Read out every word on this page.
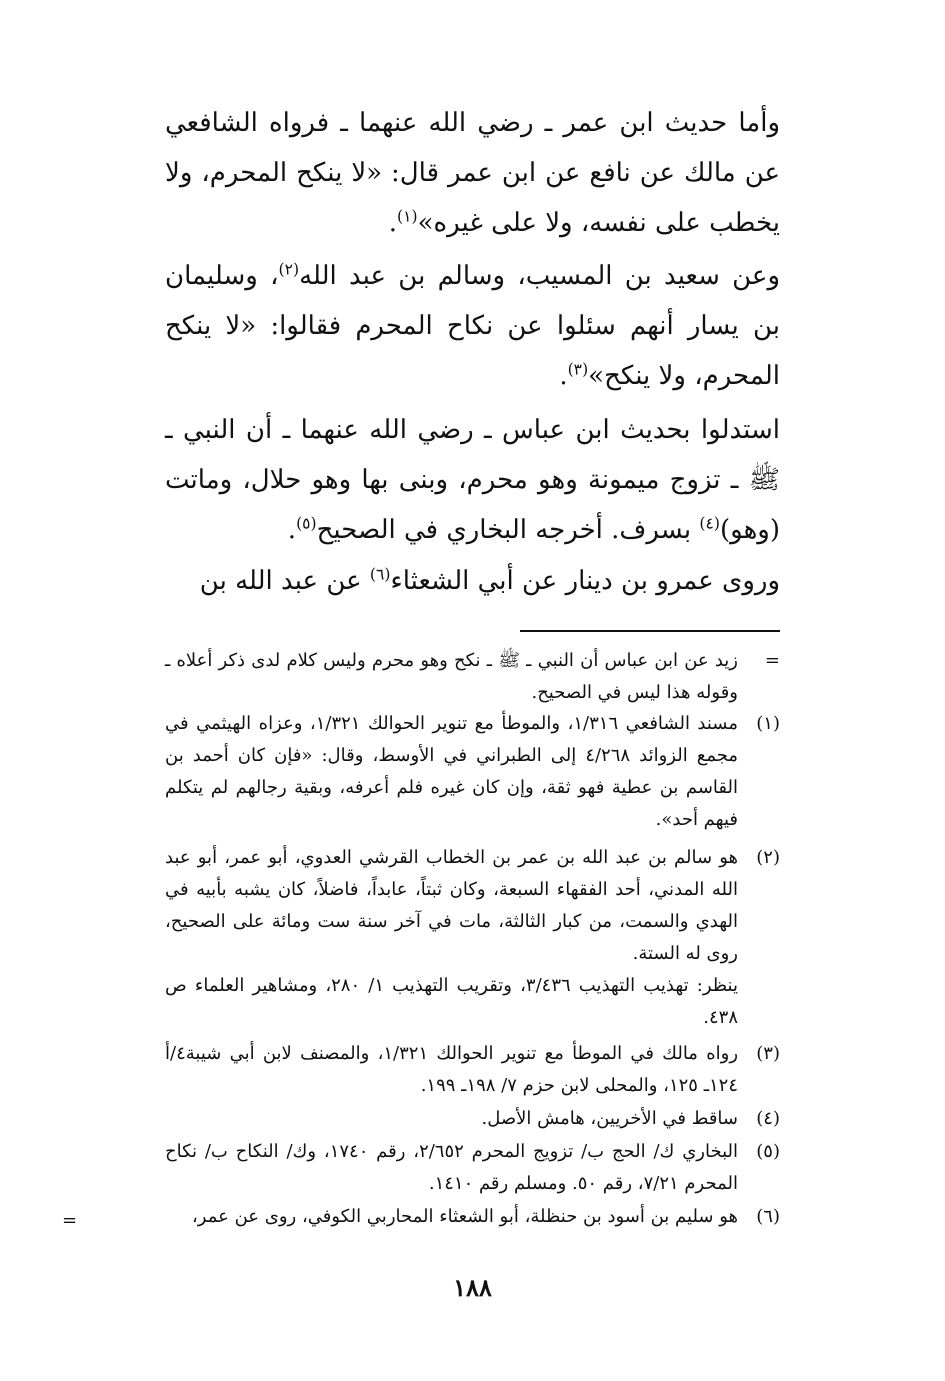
وأما حديث ابن عمر ـ رضي الله عنهما ـ فرواه الشافعي عن مالك عن نافع عن ابن عمر قال: «لا ينكح المحرم، ولا يخطب على نفسه، ولا على غيره»$^{(١)}$.

وعن سعيد بن المسيب، وسالم بن عبد الله$^{(٢)}$، وسليمان بن يسار أنهم سئلوا عن نكاح المحرم فقالوا: «لا ينكح المحرم، ولا ينكح»$^{(٣)}$.

استدلوا بحديث ابن عباس ـ رضي الله عنهما ـ أن النبي ـ ﷺ ـ تزوج ميمونة وهو محرم، وبنى بها وهو حلال، وماتت (وهو)$^{(٤)}$ بسرف. أخرجه البخاري في الصحيح$^{(٥)}$.

وروى عمرو بن دينار عن أبي الشعثاء$^{(٦)}$ عن عبد الله بن

=

زيد عن ابن عباس أن النبي ـ ﷺ ـ نكح وهو محرم وليس كلام لدى ذكر أعلاه ـ وقوله هذا ليس في الصحيح.

(١)

مسند الشافعي ١/٣١٦، والموطأ مع تنوير الحوالك ١/٣٢١، وعزاه الهيثمي في مجمع الزوائد ٤/٢٦٨ إلى الطبراني في الأوسط، وقال: «فإن كان أحمد بن القاسم بن عطية فهو ثقة، وإن كان غيره فلم أعرفه، وبقية رجالهم لم يتكلم فيهم أحد».

(٢)

هو سالم بن عبد الله بن عمر بن الخطاب القرشي العدوي، أبو عمر، أبو عبد الله المدني، أحد الفقهاء السبعة، وكان ثبتاً، عابداً، فاضلاً، كان يشبه بأبيه في الهدي والسمت، من كبار الثالثة، مات في آخر سنة ست ومائة على الصحيح، روى له الستة.

ينظر: تهذيب التهذيب ٣/٤٣٦، وتقريب التهذيب ١/ ٢٨٠، ومشاهير العلماء ص ٤٣٨.

(٣)

رواه مالك في الموطأ مع تنوير الحوالك ١/٣٢١، والمصنف لابن أبي شيبة٤/أ ١٢٤ـ ١٢٥، والمحلى لابن حزم ٧/ ١٩٨ـ ١٩٩.

(٤)

ساقط في الأخريين، هامش الأصل.

(٥)

البخاري ك/ الحج ب/ تزويج المحرم ٢/٦٥٢، رقم ١٧٤٠، وك/ النكاح ب/ نكاح المحرم ٧/٢١، رقم ٥٠. ومسلم رقم ١٤١٠.

(٦)

هو سليم بن أسود بن حنظلة، أبو الشعثاء المحاربي الكوفي، روى عن عمر،

=
١٨٨
